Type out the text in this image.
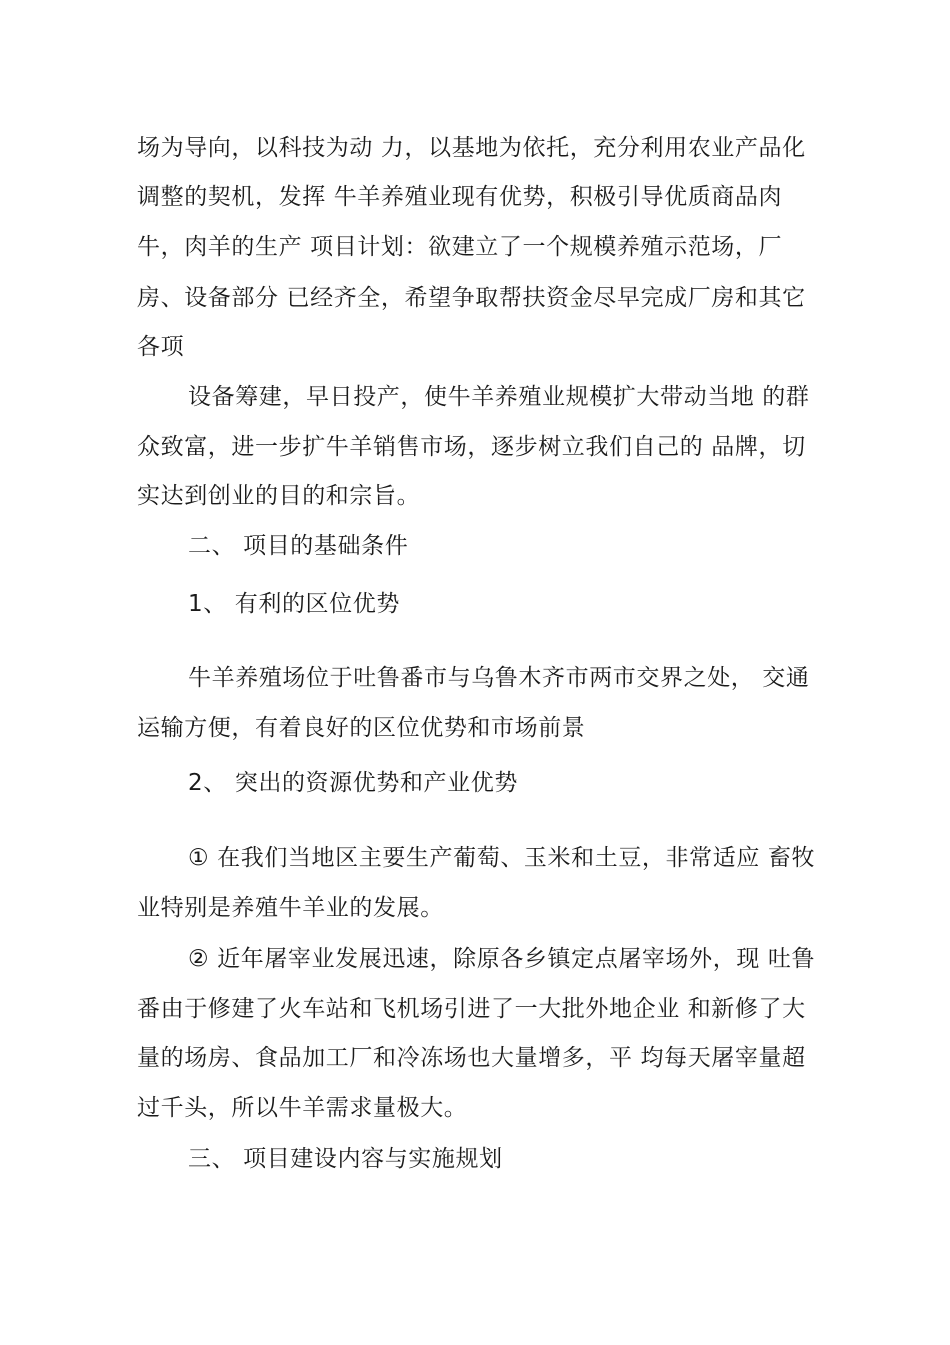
场为导向，以科技为动 力，以基地为依托，充分利用农业产品化

调整的契机，发挥 牛羊养殖业现有优势，积极引导优质商品肉

牛，肉羊的生产 项目计划：欲建立了一个规模养殖示范场，厂

房、设备部分 已经齐全，希望争取帮扶资金尽早完成厂房和其它

各项

设备筹建，早日投产，使牛羊养殖业规模扩大带动当地 的群

众致富，进一步扩牛羊销售市场，逐步树立我们自己的 品牌，切

实达到创业的目的和宗旨。

二、 项目的基础条件

1、 有利的区位优势

牛羊养殖场位于吐鲁番市与乌鲁木齐市两市交界之处， 交通

运输方便，有着良好的区位优势和市场前景

2、 突出的资源优势和产业优势

① 在我们当地区主要生产葡萄、玉米和土豆，非常适应 畜牧

业特别是养殖牛羊业的发展。

② 近年屠宰业发展迅速，除原各乡镇定点屠宰场外，现 吐鲁

番由于修建了火车站和飞机场引进了一大批外地企业 和新修了大

量的场房、食品加工厂和冷冻场也大量增多，平 均每天屠宰量超

过千头，所以牛羊需求量极大。

三、 项目建设内容与实施规划
